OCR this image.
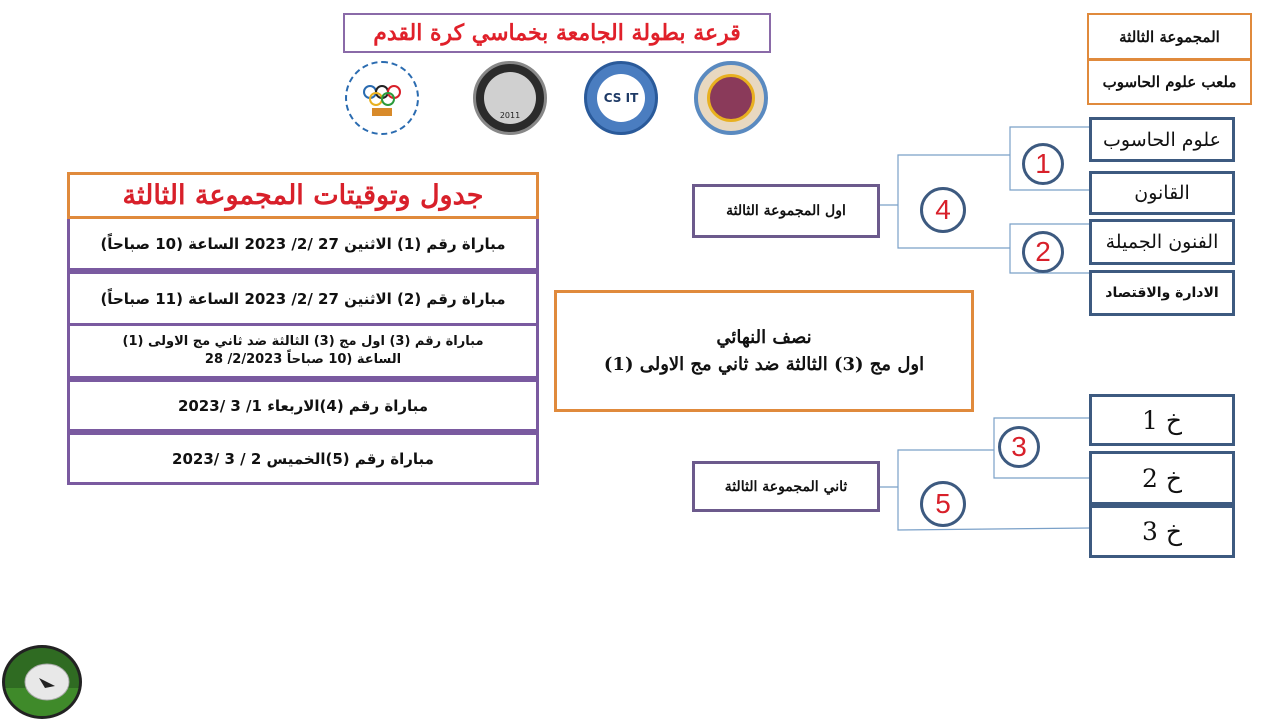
قرعة بطولة الجامعة بخماسي كرة القدم
2011
CS IT
المجموعة الثالثة
ملعب علوم الحاسوب
جدول وتوقيتات المجموعة الثالثة
مباراة رقم (1) الاثنين 27 /2/ 2023 الساعة (10 صباحاً)
مباراة رقم (2) الاثنين 27 /2/ 2023 الساعة (11 صباحاً)
مباراة رقم (3) اول مج (3) الثالثة ضد ثاني مج الاولى (1)
28 /2/2023 الساعة (10 صباحاً
مباراة رقم (4)الاربعاء 1/ 3 /2023
مباراة رقم (5)الخميس 2 / 3 /2023
علوم الحاسوب
القانون
الفنون الجميلة
الادارة والاقتصاد
1
2
4
3
5
اول المجموعة الثالثة
ثاني المجموعة الثالثة
نصف النهائي
اول مج (3) الثالثة ضد ثاني مج الاولى (1)
خ 1
خ 2
خ 3
